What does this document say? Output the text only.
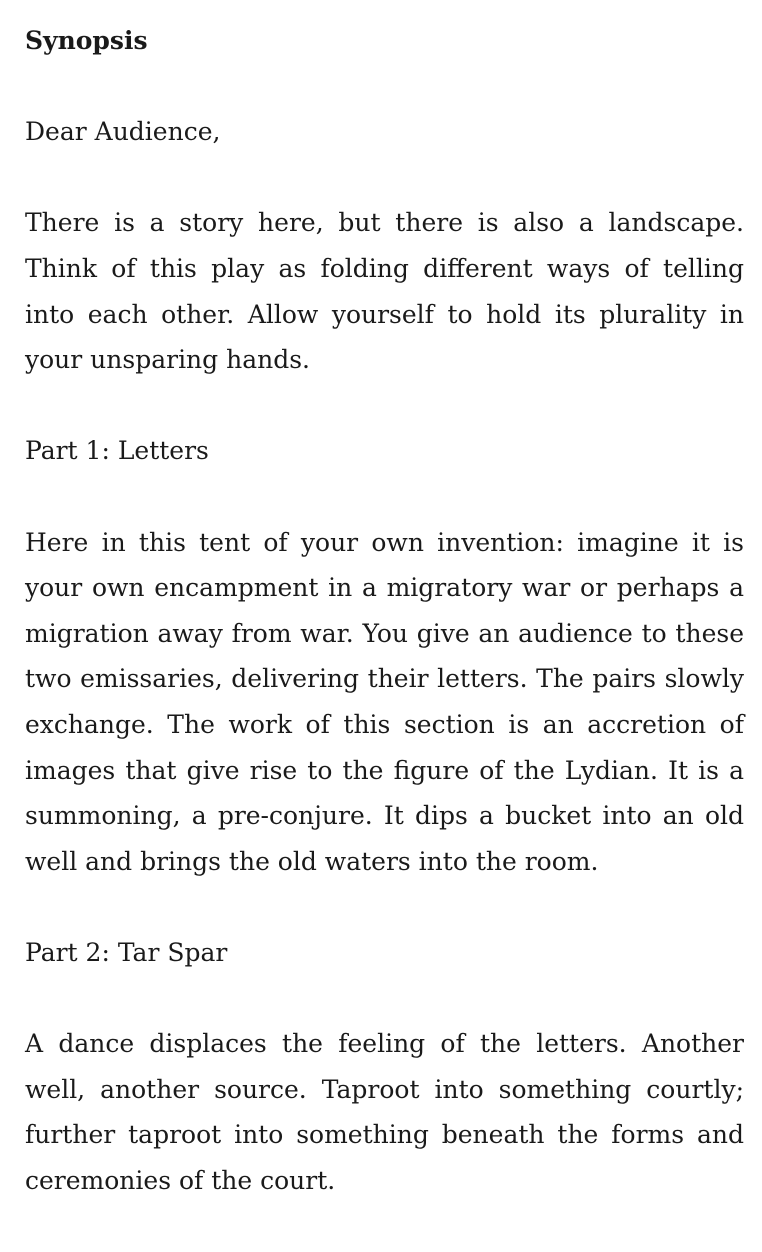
Synopsis

Dear Audience,

There is a story here, but there is also a landscape. Think of this play as folding different ways of telling into each other. Allow yourself to hold its plurality in your unsparing hands.

Part 1: Letters

Here in this tent of your own invention: imagine it is your own encampment in a migratory war or perhaps a migration away from war. You give an audience to these two emissaries, delivering their letters. The pairs slowly exchange. The work of this section is an accretion of images that give rise to the figure of the Lydian. It is a summoning, a pre-conjure. It dips a bucket into an old well and brings the old waters into the room.

Part 2: Tar Spar

A dance displaces the feeling of the letters. Another well, another source. Taproot into something courtly; further taproot into something beneath the forms and ceremonies of the court.
